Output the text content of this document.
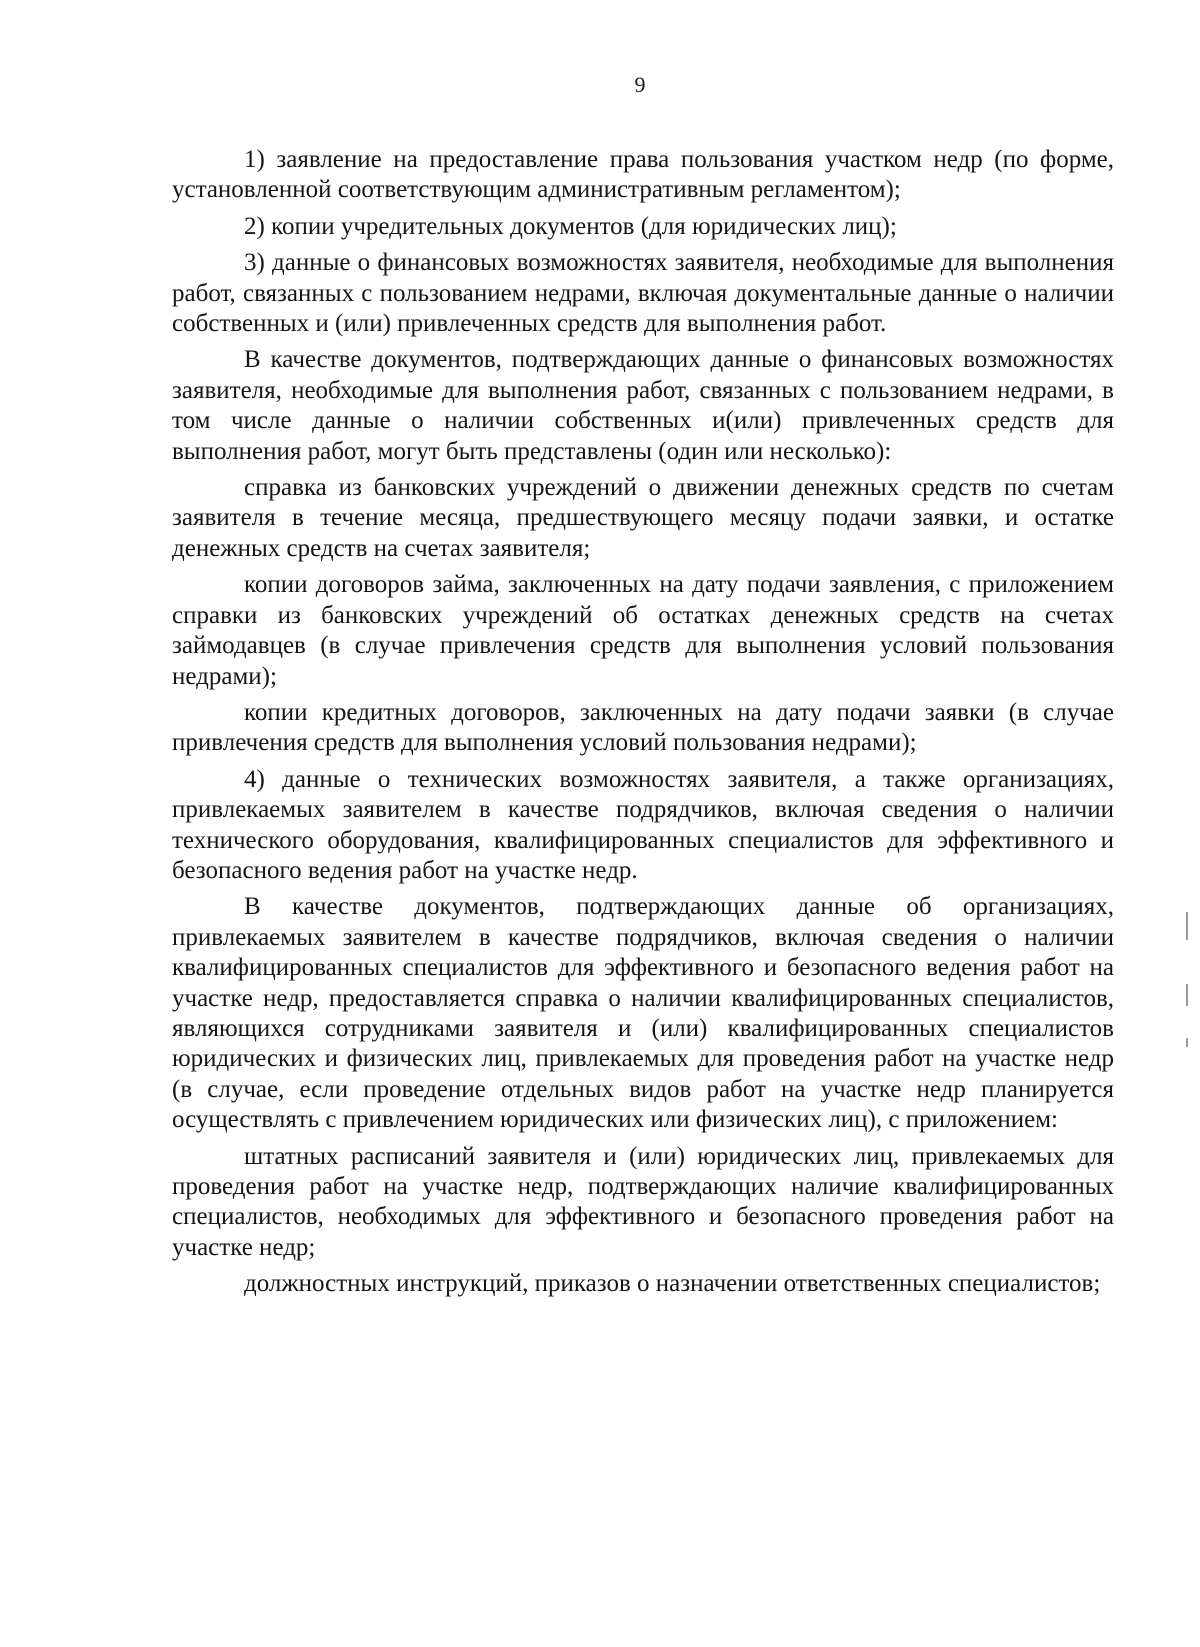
9

1) заявление на предоставление права пользования участком недр (по форме, установленной соответствующим административным регламентом);

2) копии учредительных документов (для юридических лиц);

3) данные о финансовых возможностях заявителя, необходимые для выполнения работ, связанных с пользованием недрами, включая документальные данные о наличии собственных и (или) привлеченных средств для выполнения работ.

В качестве документов, подтверждающих данные о финансовых возможностях заявителя, необходимые для выполнения работ, связанных с пользованием недрами, в том числе данные о наличии собственных и(или) привлеченных средств для выполнения работ, могут быть представлены (один или несколько):

справка из банковских учреждений о движении денежных средств по счетам заявителя в течение месяца, предшествующего месяцу подачи заявки, и остатке денежных средств на счетах заявителя;

копии договоров займа, заключенных на дату подачи заявления, с приложением справки из банковских учреждений об остатках денежных средств на счетах займодавцев (в случае привлечения средств для выполнения условий пользования недрами);

копии кредитных договоров, заключенных на дату подачи заявки (в случае привлечения средств для выполнения условий пользования недрами);

4) данные о технических возможностях заявителя, а также организациях, привлекаемых заявителем в качестве подрядчиков, включая сведения о наличии технического оборудования, квалифицированных специалистов для эффективного и безопасного ведения работ на участке недр.

В качестве документов, подтверждающих данные об организациях, привлекаемых заявителем в качестве подрядчиков, включая сведения о наличии квалифицированных специалистов для эффективного и безопасного ведения работ на участке недр, предоставляется справка о наличии квалифицированных специалистов, являющихся сотрудниками заявителя и (или) квалифицированных специалистов юридических и физических лиц, привлекаемых для проведения работ на участке недр (в случае, если проведение отдельных видов работ на участке недр планируется осуществлять с привлечением юридических или физических лиц), с приложением:

штатных расписаний заявителя и (или) юридических лиц, привлекаемых для проведения работ на участке недр, подтверждающих наличие квалифицированных специалистов, необходимых для эффективного и безопасного проведения работ на участке недр;

должностных инструкций, приказов о назначении ответственных специалистов;
